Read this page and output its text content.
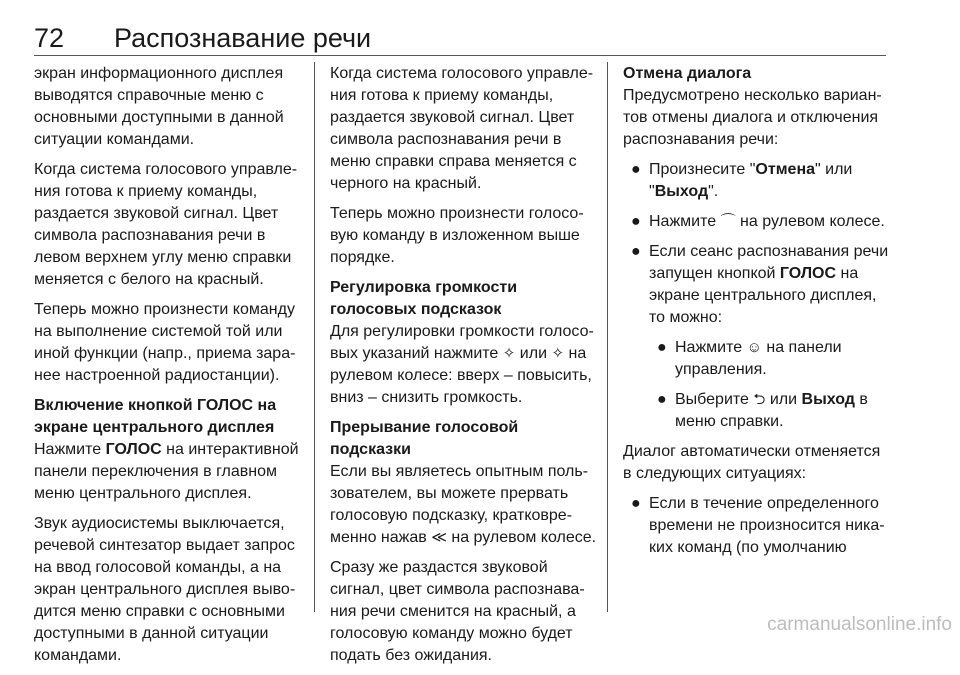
72 Распознавание речи

экран информационного дисплея выводятся справочные меню с основными доступными в данной ситуации командами.

Когда система голосового управле-ния готова к приему команды, раздается звуковой сигнал. Цвет символа распознавания речи в левом верхнем углу меню справки меняется с белого на красный.

Теперь можно произнести команду на выполнение системой той или иной функции (напр., приема зара-нее настроенной радиостанции).

Включение кнопкой ГОЛОС на экране центрального дисплея

Нажмите ГОЛОС на интерактивной панели переключения в главном меню центрального дисплея.

Звук аудиосистемы выключается, речевой синтезатор выдает запрос на ввод голосовой команды, а на экран центрального дисплея выво-дится меню справки с основными доступными в данной ситуации командами.

Когда система голосового управле-ния готова к приему команды, раздается звуковой сигнал. Цвет символа распознавания речи в меню справки справа меняется с черного на красный.

Теперь можно произнести голосо-вую команду в изложенном выше порядке.

Регулировка громкости голосовых подсказок

Для регулировки громкости голосо-вых указаний нажмите ✧ или ✧ на рулевом колесе: вверх – повысить, вниз – снизить громкость.

Прерывание голосовой подсказки

Если вы являетесь опытным поль-зователем, вы можете прервать голосовую подсказку, кратковре-менно нажав ≪ на рулевом колесе.

Сразу же раздастся звуковой сигнал, цвет символа распознава-ния речи сменится на красный, а голосовую команду можно будет подать без ожидания.

Отмена диалога

Предусмотрено несколько вариан-тов отмены диалога и отключения распознавания речи:

● Произнесите "Отмена" или "Выход".
● Нажмите ⌒ на рулевом колесе.
● Если сеанс распознавания речи запущен кнопкой ГОЛОС на экране центрального дисплея, то можно:
● Нажмите ☺ на панели управления.
● Выберите ⮌ или Выход в меню справки.

Диалог автоматически отменяется в следующих ситуациях:

● Если в течение определенного времени не произносится ника-ких команд (по умолчанию
carmanualsonline.info
